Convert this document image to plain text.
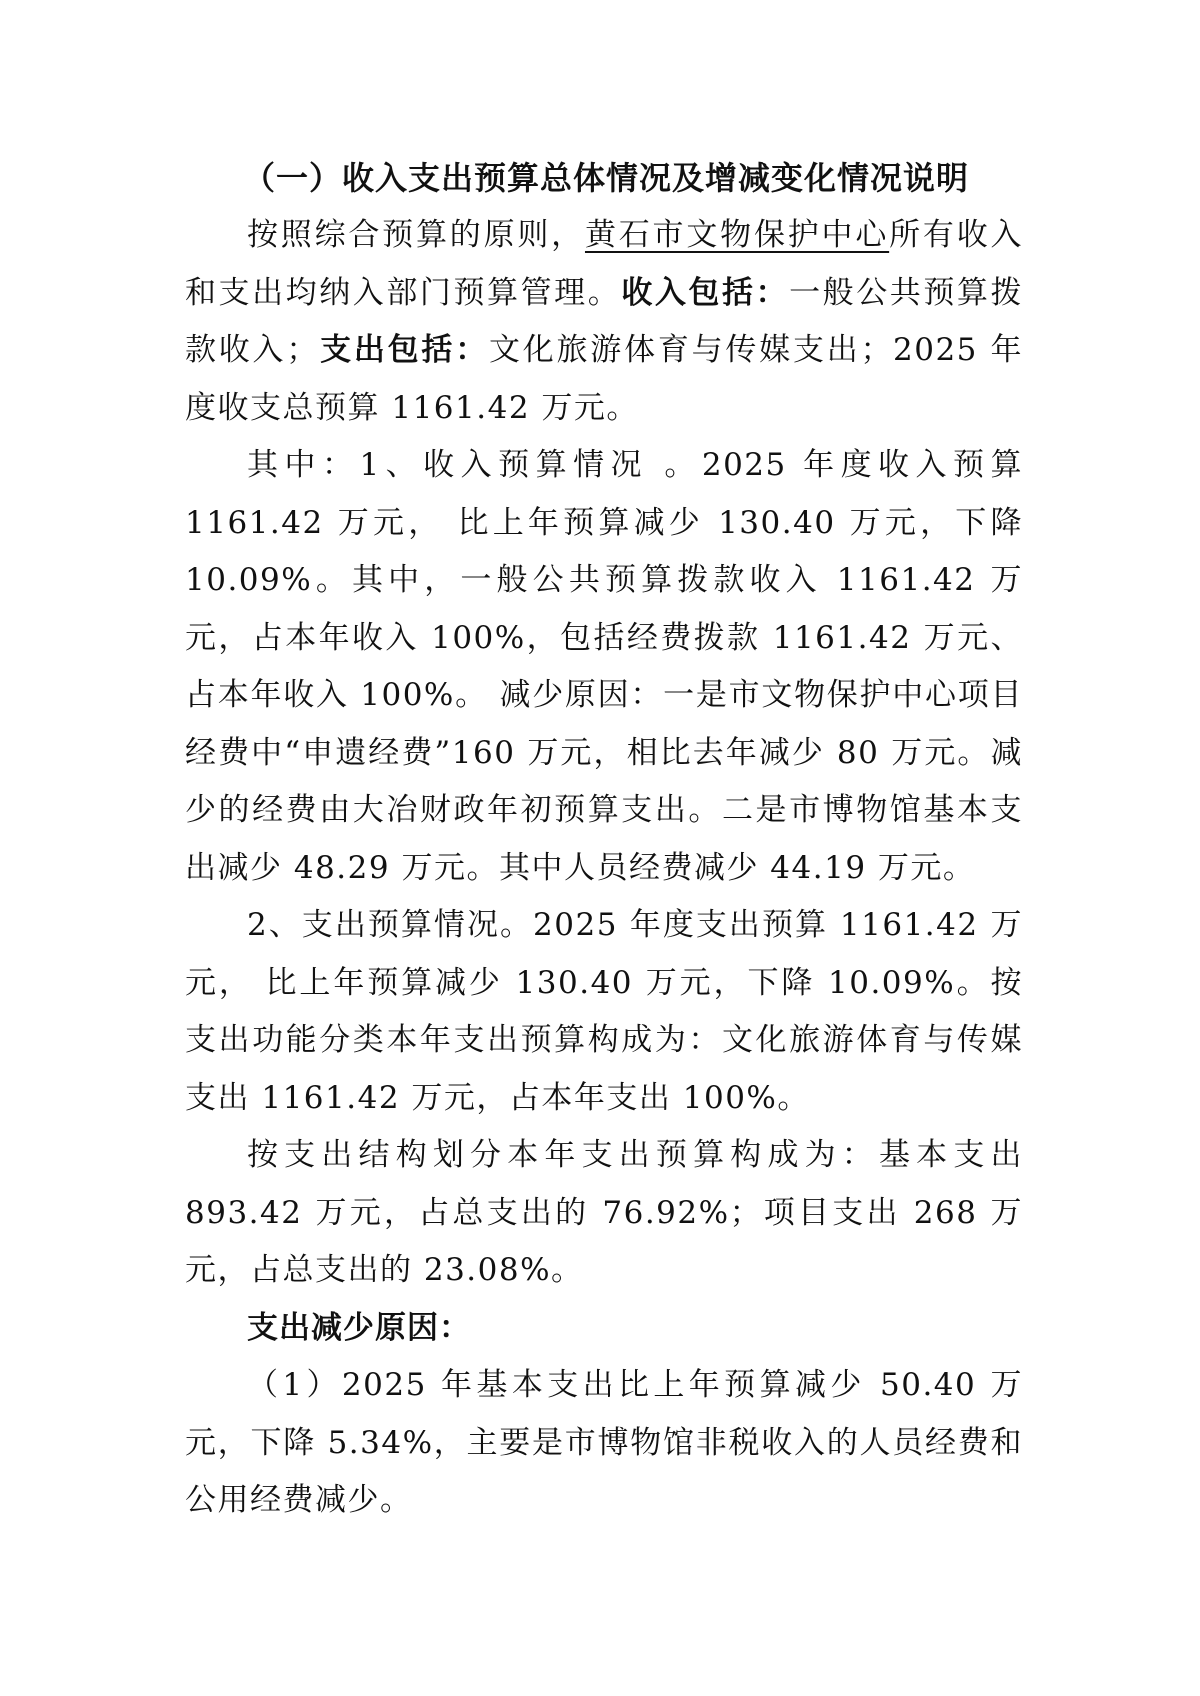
（一）收入支出预算总体情况及增减变化情况说明

按照综合预算的原则，黄石市文物保护中心所有收入和支出均纳入部门预算管理。收入包括：一般公共预算拨款收入；支出包括：文化旅游体育与传媒支出；2025 年度收支总预算 1161.42 万元。

其中：1、收入预算情况 。2025 年度收入预算 1161.42 万元， 比上年预算减少 130.40 万元，下降 10.09%。其中，一般公共预算拨款收入 1161.42 万元，占本年收入 100%，包括经费拨款 1161.42 万元、占本年收入 100%。 减少原因：一是市文物保护中心项目经费中“申遗经费”160 万元，相比去年减少 80 万元。减少的经费由大冶财政年初预算支出。二是市博物馆基本支出减少 48.29 万元。其中人员经费减少 44.19 万元。

2、支出预算情况。2025 年度支出预算 1161.42 万元， 比上年预算减少 130.40 万元，下降 10.09%。按支出功能分类本年支出预算构成为：文化旅游体育与传媒支出 1161.42 万元，占本年支出 100%。

按支出结构划分本年支出预算构成为：基本支出 893.42 万元，占总支出的 76.92%；项目支出 268 万元，占总支出的 23.08%。

支出减少原因：

（1）2025 年基本支出比上年预算减少 50.40 万元，下降 5.34%，主要是市博物馆非税收入的人员经费和公用经费减少。
